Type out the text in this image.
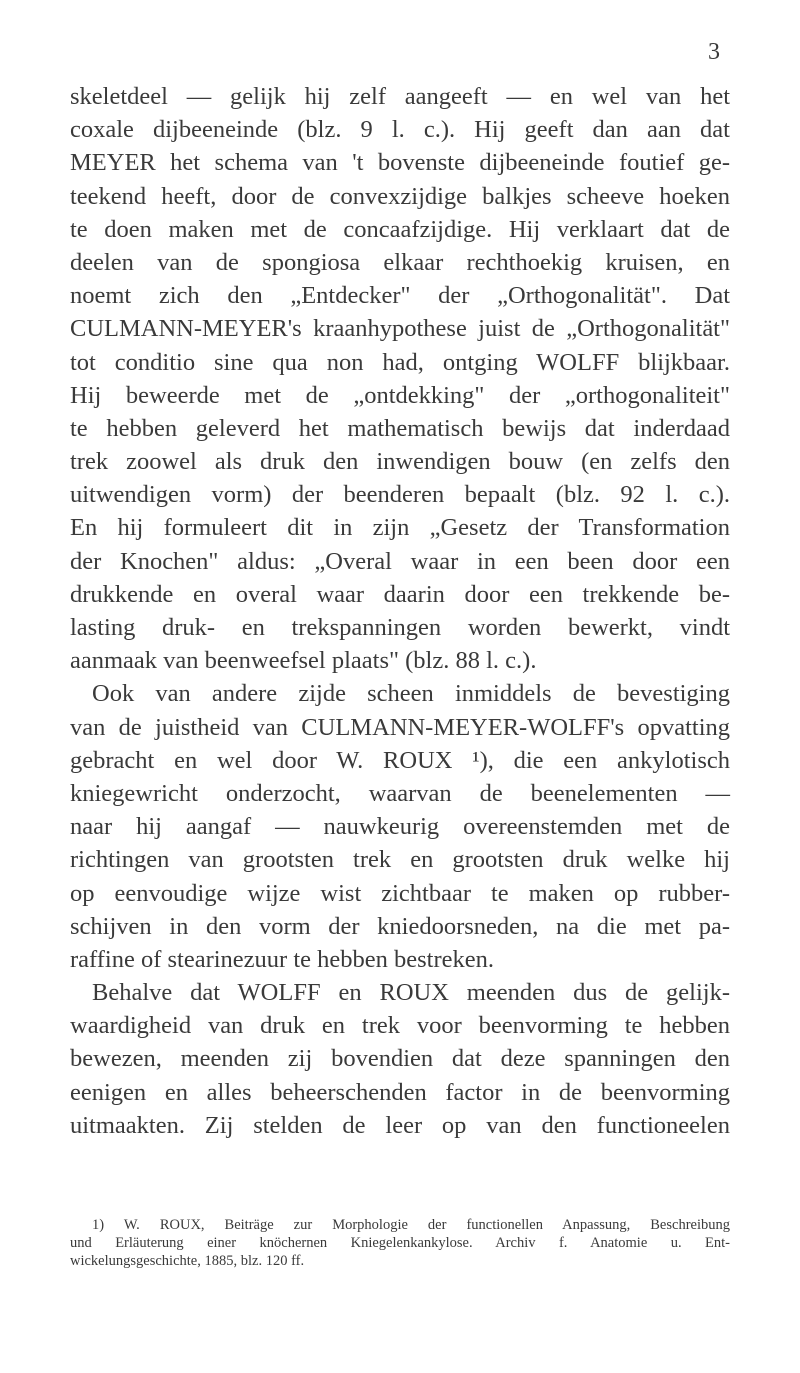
3
skeletdeel — gelijk hij zelf aangeeft — en wel van het
coxale dijbeeneinde (blz. 9 l. c.). Hij geeft dan aan dat
MEYER het schema van 't bovenste dijbeeneinde foutief ge-
teekend heeft, door de convexzijdige balkjes scheeve hoeken
te doen maken met de concaafzijdige. Hij verklaart dat de
deelen van de spongiosa elkaar rechthoekig kruisen, en
noemt zich den „Entdecker" der „Orthogonalität". Dat
CULMANN-MEYER's kraanhypothese juist de „Orthogonalität"
tot conditio sine qua non had, ontging WOLFF blijkbaar.
Hij beweerde met de „ontdekking" der „orthogonaliteit"
te hebben geleverd het mathematisch bewijs dat inderdaad
trek zoowel als druk den inwendigen bouw (en zelfs den
uitwendigen vorm) der beenderen bepaalt (blz. 92 l. c.).
En hij formuleert dit in zijn „Gesetz der Transformation
der Knochen" aldus: „Overal waar in een been door een
drukkende en overal waar daarin door een trekkende be-
lasting druk- en trekspanningen worden bewerkt, vindt
aanmaak van beenweefsel plaats" (blz. 88 l. c.).
Ook van andere zijde scheen inmiddels de bevestiging
van de juistheid van CULMANN-MEYER-WOLFF's opvatting
gebracht en wel door W. ROUX ¹), die een ankylotisch
kniegewricht onderzocht, waarvan de beenelementen —
naar hij aangaf — nauwkeurig overeenstemden met de
richtingen van grootsten trek en grootsten druk welke hij
op eenvoudige wijze wist zichtbaar te maken op rubber-
schijven in den vorm der kniedoorsneden, na die met pa-
raffine of stearinezuur te hebben bestreken.
Behalve dat WOLFF en ROUX meenden dus de gelijk-
waardigheid van druk en trek voor beenvorming te hebben
bewezen, meenden zij bovendien dat deze spanningen den
eenigen en alles beheerschenden factor in de beenvorming
uitmaakten. Zij stelden de leer op van den functioneelen
1) W. ROUX, Beiträge zur Morphologie der functionellen Anpassung, Beschreibung
und Erläuterung einer knöchernen Kniegelenkankylose. Archiv f. Anatomie u. Ent-
wickelungsgeschichte, 1885, blz. 120 ff.
